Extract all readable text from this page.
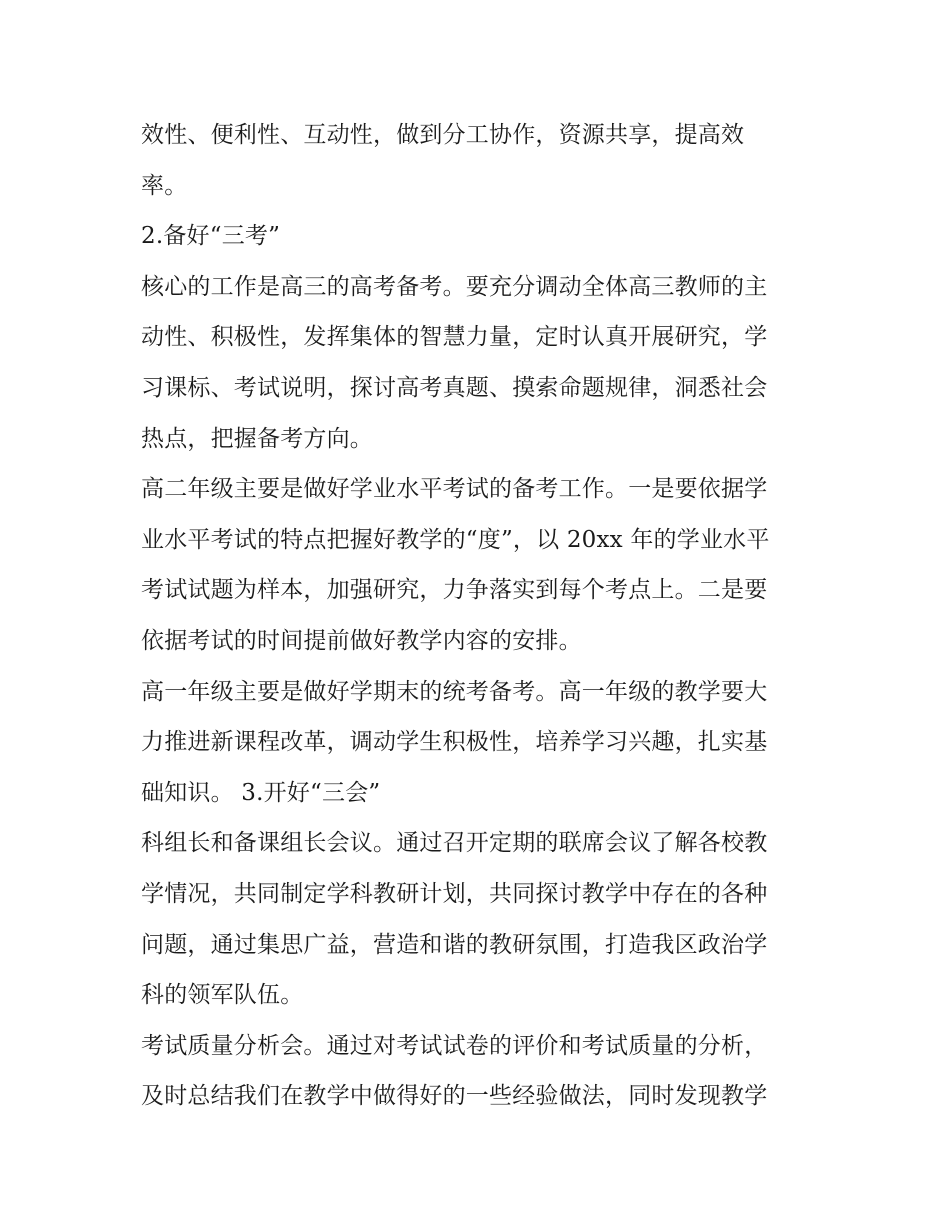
效性、便利性、互动性，做到分工协作，资源共享，提高效
率。
2.备好“三考”
核心的工作是高三的高考备考。要充分调动全体高三教师的主
动性、积极性，发挥集体的智慧力量，定时认真开展研究，学
习课标、考试说明，探讨高考真题、摸索命题规律，洞悉社会
热点，把握备考方向。
高二年级主要是做好学业水平考试的备考工作。一是要依据学
业水平考试的特点把握好教学的“度”，以 20xx 年的学业水平
考试试题为样本，加强研究，力争落实到每个考点上。二是要
依据考试的时间提前做好教学内容的安排。
高一年级主要是做好学期末的统考备考。高一年级的教学要大
力推进新课程改革，调动学生积极性，培养学习兴趣，扎实基
础知识。 3.开好“三会”
科组长和备课组长会议。通过召开定期的联席会议了解各校教
学情况，共同制定学科教研计划，共同探讨教学中存在的各种
问题，通过集思广益，营造和谐的教研氛围，打造我区政治学
科的领军队伍。
考试质量分析会。通过对考试试卷的评价和考试质量的分析，
及时总结我们在教学中做得好的一些经验做法，同时发现教学
